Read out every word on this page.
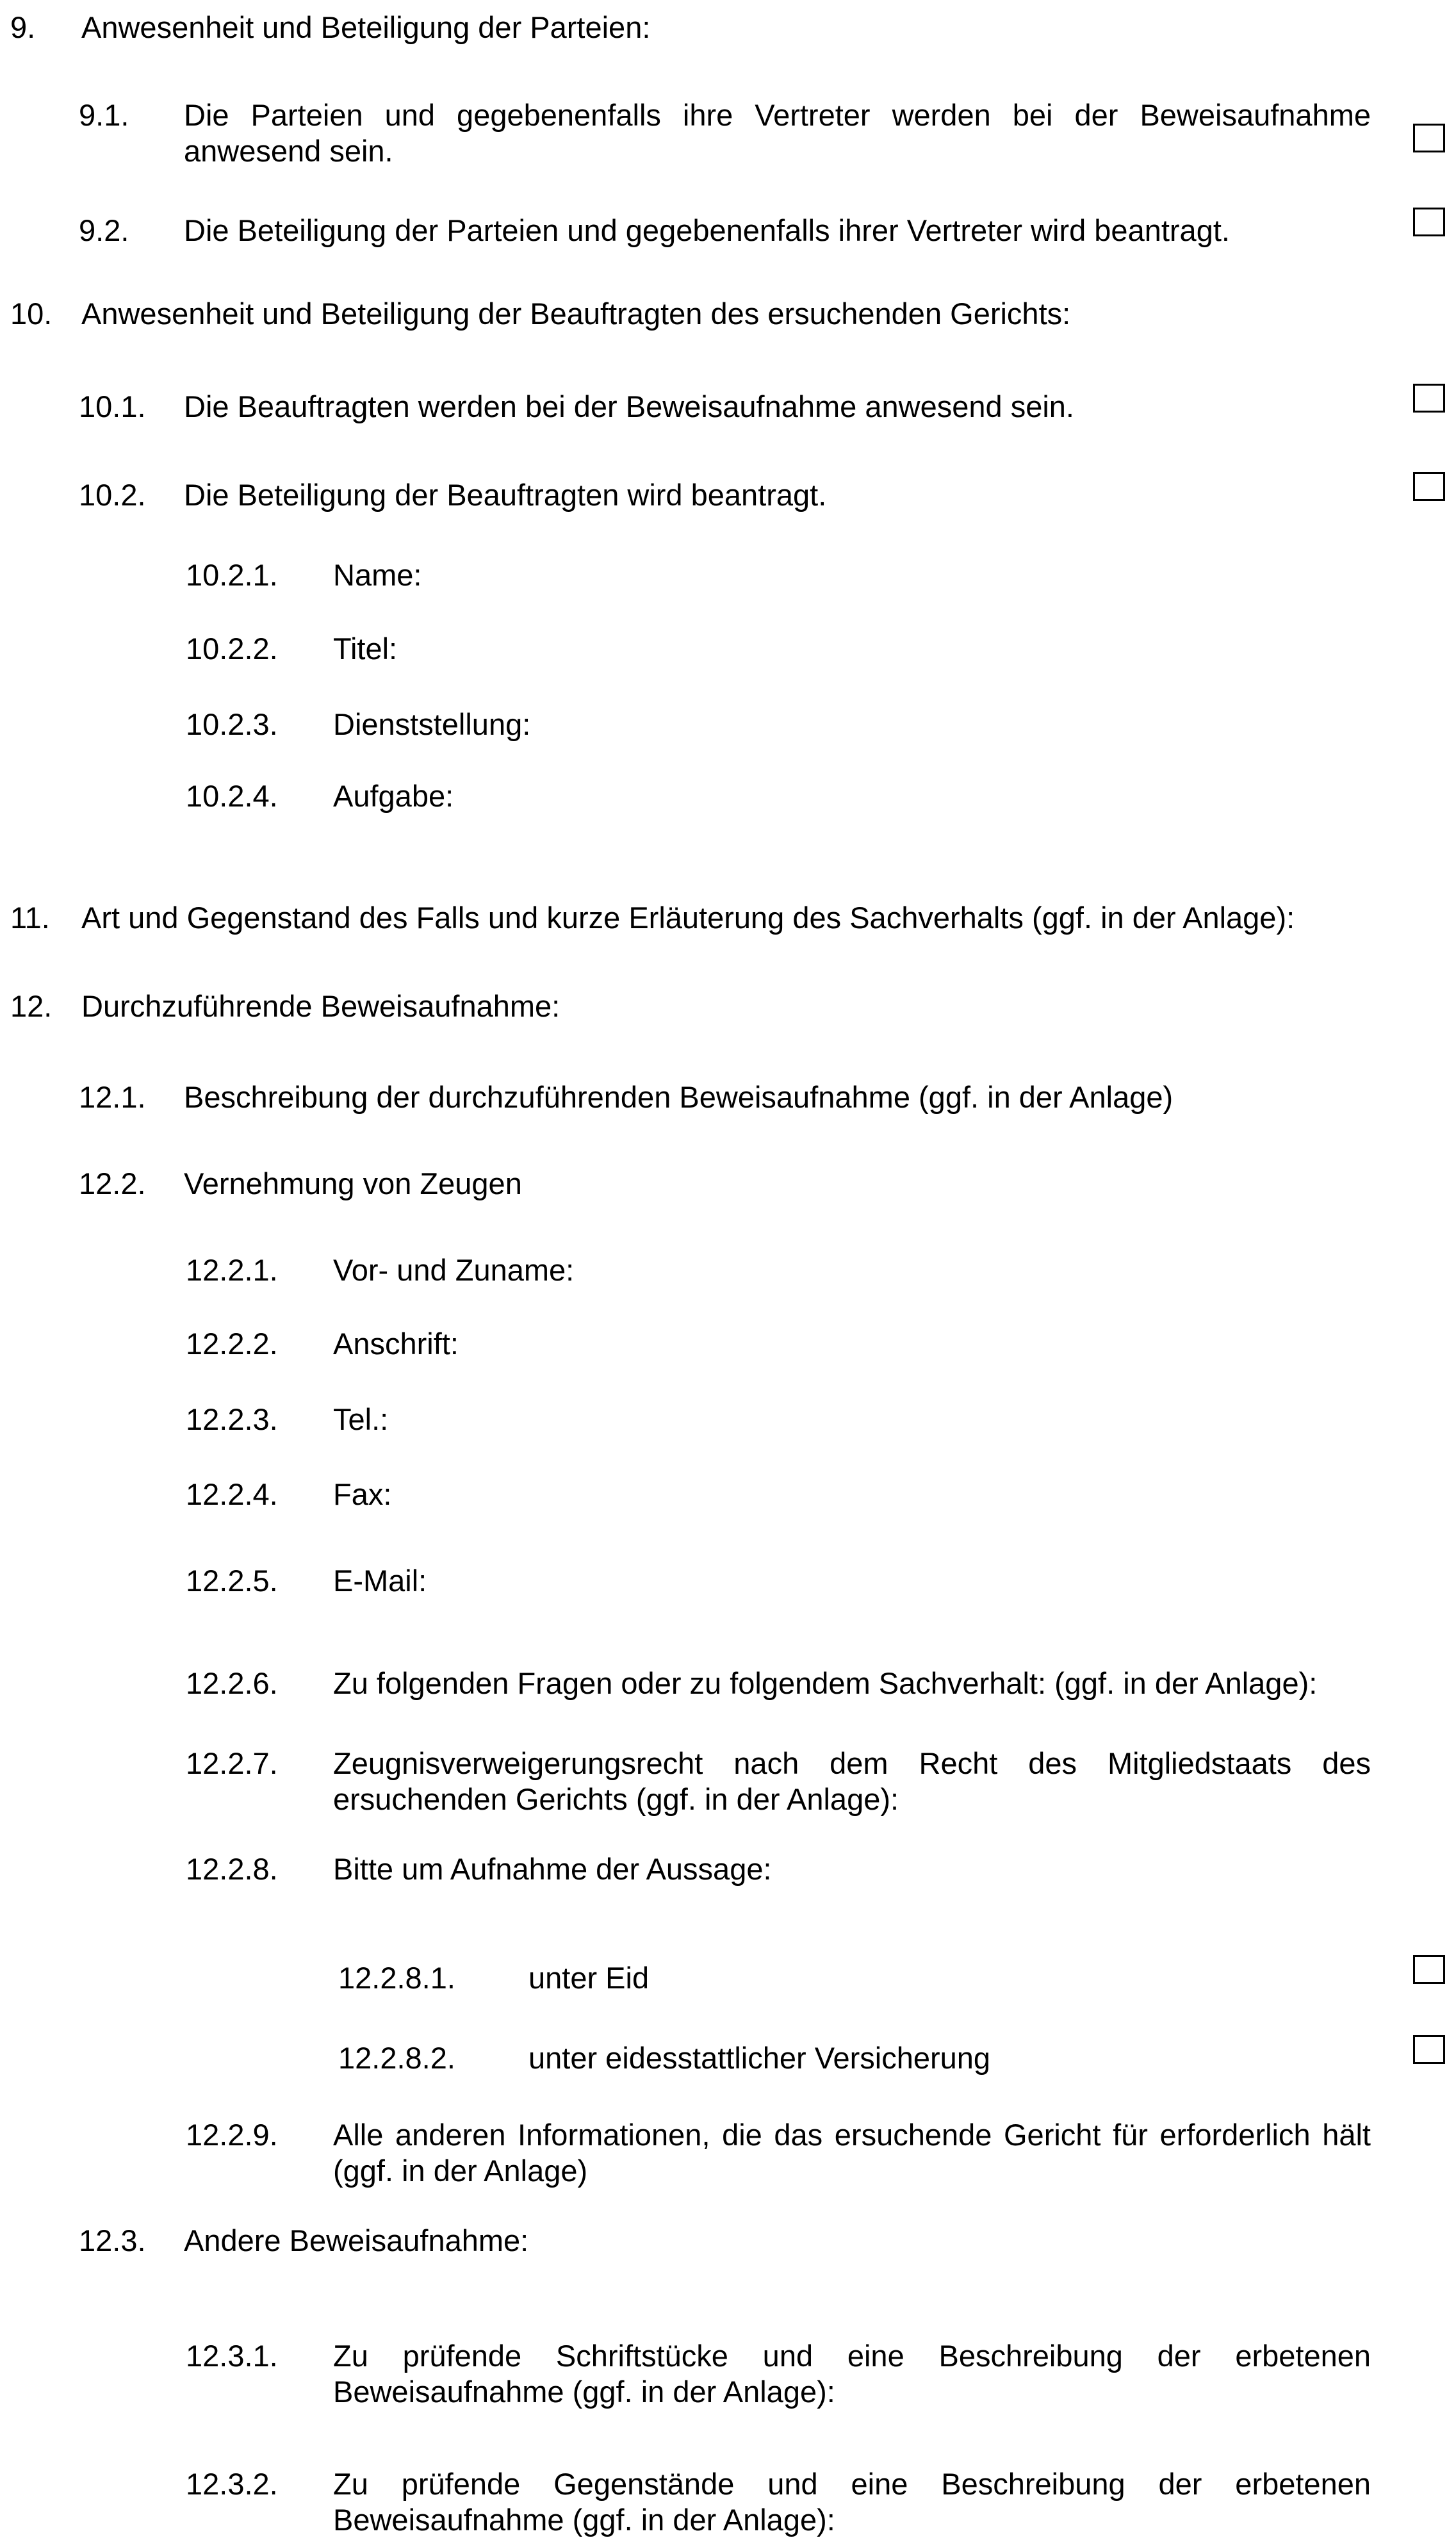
9. Anwesenheit und Beteiligung der Parteien:
9.1. Die Parteien und gegebenenfalls ihre Vertreter werden bei der Beweisaufnahme anwesend sein.
9.2. Die Beteiligung der Parteien und gegebenenfalls ihrer Vertreter wird beantragt.
10. Anwesenheit und Beteiligung der Beauftragten des ersuchenden Gerichts:
10.1. Die Beauftragten werden bei der Beweisaufnahme anwesend sein.
10.2. Die Beteiligung der Beauftragten wird beantragt.
10.2.1. Name:
10.2.2. Titel:
10.2.3. Dienststellung:
10.2.4. Aufgabe:
11. Art und Gegenstand des Falls und kurze Erläuterung des Sachverhalts (ggf. in der Anlage):
12. Durchzuführende Beweisaufnahme:
12.1. Beschreibung der durchzuführenden Beweisaufnahme (ggf. in der Anlage)
12.2. Vernehmung von Zeugen
12.2.1. Vor- und Zuname:
12.2.2. Anschrift:
12.2.3. Tel.:
12.2.4. Fax:
12.2.5. E-Mail:
12.2.6. Zu folgenden Fragen oder zu folgendem Sachverhalt: (ggf. in der Anlage):
12.2.7. Zeugnisverweigerungsrecht nach dem Recht des Mitgliedstaats des ersuchenden Gerichts (ggf. in der Anlage):
12.2.8. Bitte um Aufnahme der Aussage:
12.2.8.1. unter Eid
12.2.8.2. unter eidesstattlicher Versicherung
12.2.9. Alle anderen Informationen, die das ersuchende Gericht für erforderlich hält (ggf. in der Anlage)
12.3. Andere Beweisaufnahme:
12.3.1. Zu prüfende Schriftstücke und eine Beschreibung der erbetenen Beweisaufnahme (ggf. in der Anlage):
12.3.2. Zu prüfende Gegenstände und eine Beschreibung der erbetenen Beweisaufnahme (ggf. in der Anlage):
